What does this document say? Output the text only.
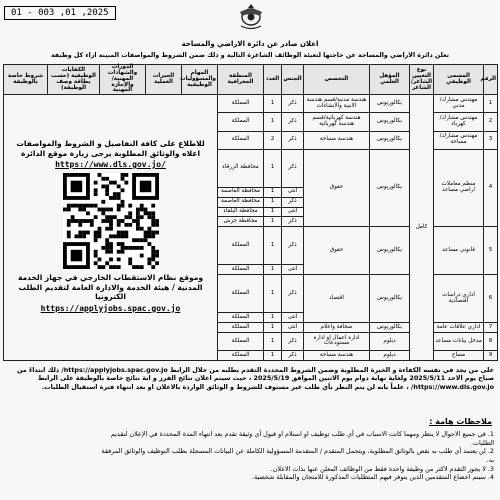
01 - 003 ,01 ,2025
اعلان صادر عن دائرة الاراضي والمساحة
تعلن دائرة الاراضي والمساحة عن حاجتها لتعبئة الوظائف الشاغرة التالية و ذلك ضمن الشروط والمواصفات المبينة ازاء كل وظيفة
الرقم	المسمى الوظيفي	نوع التعيين الشاغر/ الشاغر	المؤهل العلمي	التخصص	الجنس	العدد	المنطقة الجغرافية	المهام والمسؤوليات الوظيفية	الخبرات العملية	الدورات والشهادات المهنية/ والإجازة المهنية	الكفايات الوظيفية (حسب بطاقة وصف الوظيفة)	شروط خاصة بالوظيفة
1	مهندس مشارك/ مدني	كامل	بكالوريوس	هندسة مدنية/قسم هندسة الابنية والانشاءات	ذكر	1	المملكة	للاطلاع على كافة التفاصيل و الشروط والمواصفات اعلاه والوثائق المطلوبة يرجى زيارة موقع الدائرة
https://www.dls.gov.jo/
وموقع نظام الاستقطاب الخارجي في جهاز الخدمة المدنية / هيئة الخدمة والادارة العامة لتقديم الطلب الكترونيا
https://applyjobs.spac.gov.jo				

2	مهندس مشارك/ كهرباء		بكالوريوس	هندسة كهربائية/قسم هندسة كهربائية	ذكر	1	المملكة					
3	مهندس مشارك/ مساحة		بكالوريوس	هندسة مساحة	ذكر	2	المملكة					
4	منظم معاملات اراضي مساعد		بكالوريوس	حقوق	ذكر	1	محافظة الزرقاء					
					انثى	1	محافظة العاصمة					
					ذكر	1	محافظة العاصمة					
					انثى	1	محافظة البلقاء					
					ذكر	1	محافظة جرش					
5	قانوني مساعد		بكالوريوس	حقوق	ذكر	1	المملكة					
					انثى	1	المملكة					
6	اداري دراسات اقتصادية		بكالوريوس	اقتصاد	ذكر	1	المملكة					
					انثى	1	المملكة					
7	اداري علاقات عامة		بكالوريوس	صحافة واعلام	انثى	1	المملكة					
8	مدخل بيانات مساعد		دبلوم	ادارة اعمال او ادارة مستودعات	ذكر	1	المملكة					
9	مساح		دبلوم	هندسة مساحة	ذكر	1	المملكة					
على من يجد في نفسه الكفاءة و الخبرة المطلوبة وضمن الشروط المحددة التقدم بطلبه من خلال الرابط https://applyjobs.spac.gov.jo/ ذلك ابتداءً من
صباح يوم الاحد 2025/5/11 ولغاية نهاية دوام يوم الاثنين الموافق 2025/5/19 ، حيث سيتم اعلان نتائج الفرز و ابة نتائج خاصة بالوظيفة على الرابط
https://www.dls.gov.jo/ ، علماً بانه لن يتم النظر بأي طلب غير مستوف للشروط و الوثائق الواردة بالاعلان او بعد انتهاء فترة استقبال الطلبات.
ملاحظات هامة :
1. في جميع الاحوال لا ينظر ومهما كانت الاسباب في أي طلب توظيف او استلام او قبول أي وثيقة تقدم بعد انتهاء المدة المحددة في الإعلان لتقديم
الطلبات.
2. لن يعتمد أي طلب به نقص بالوثائق المطلوبة، ويتحمل المتقدم / المتقدمة المسؤولية الكاملة عن البيانات المسجلة بطلب التوظيف والوثائق المرفقة
به.
3. لا يجوز التقدم لاكثر من وظيفة واحدة فقط من الوظائف المعلن عنها بذات الاعلان.
4. سيتم اخضاع المتقدمين الذين يتوفر فيهم المتطلبات المذكورة للامتحان والمقابلة شخصية.
